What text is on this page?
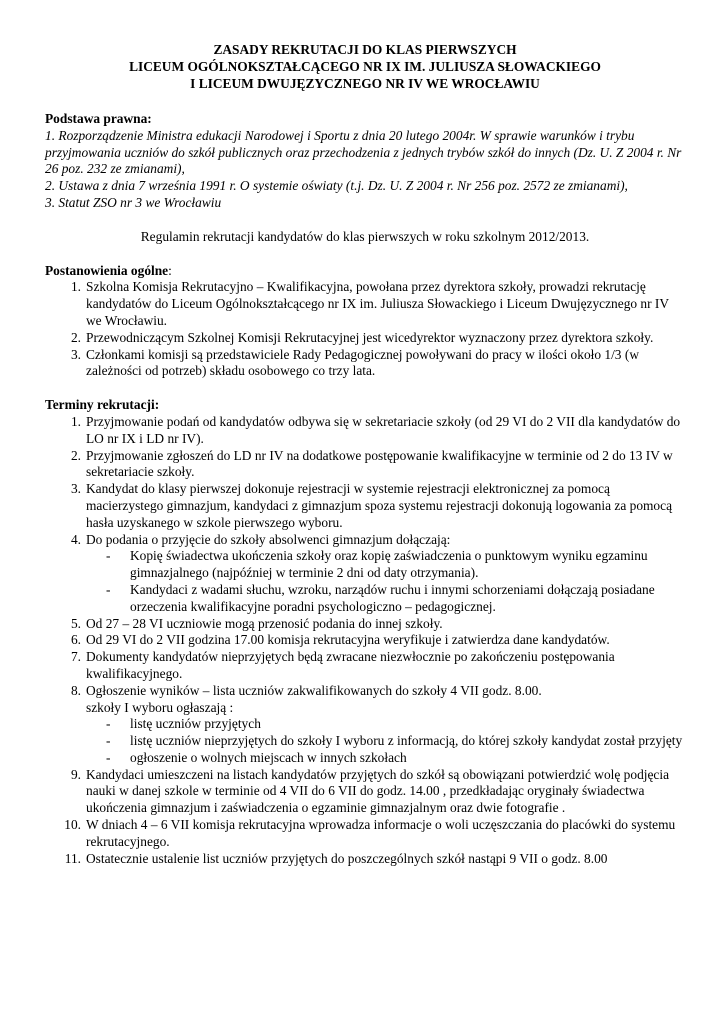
ZASADY REKRUTACJI DO KLAS PIERWSZYCH
LICEUM OGÓLNOKSZTAŁCĄCEGO NR IX IM. JULIUSZA SŁOWACKIEGO
I LICEUM DWUJĘZYCZNEGO NR IV WE WROCŁAWIU
Podstawa prawna:
1. Rozporządzenie Ministra edukacji Narodowej i Sportu z dnia 20 lutego 2004r. W sprawie warunków i trybu przyjmowania uczniów do szkół publicznych oraz przechodzenia z jednych trybów szkół do innych (Dz. U. Z 2004 r. Nr 26 poz. 232 ze zmianami),
2. Ustawa z dnia 7 września 1991 r. O systemie oświaty (t.j. Dz. U. Z 2004 r. Nr 256 poz. 2572 ze zmianami),
3. Statut ZSO nr 3 we Wrocławiu
Regulamin rekrutacji kandydatów do klas pierwszych w roku szkolnym 2012/2013.
Postanowienia ogólne:
1. Szkolna Komisja Rekrutacyjno – Kwalifikacyjna, powołana przez dyrektora szkoły, prowadzi rekrutację kandydatów do Liceum Ogólnokształcącego nr IX im. Juliusza Słowackiego i Liceum Dwujęzycznego nr IV we Wrocławiu.
2. Przewodniczącym Szkolnej Komisji Rekrutacyjnej jest wicedyrektor wyznaczony przez dyrektora szkoły.
3. Członkami komisji są przedstawiciele Rady Pedagogicznej powoływani do pracy w ilości około 1/3 (w zależności od potrzeb) składu osobowego co trzy lata.
Terminy rekrutacji:
1. Przyjmowanie podań od kandydatów odbywa się w sekretariacie szkoły (od 29 VI do 2 VII dla kandydatów do LO nr IX i LD nr IV).
2. Przyjmowanie zgłoszeń do LD nr IV na dodatkowe postępowanie kwalifikacyjne w terminie od 2 do 13 IV w sekretariacie szkoły.
3. Kandydat do klasy pierwszej dokonuje rejestracji w systemie rejestracji elektronicznej za pomocą macierzystego gimnazjum, kandydaci z gimnazjum spoza systemu rejestracji dokonują logowania za pomocą hasła uzyskanego w szkole pierwszego wyboru.
4. Do podania o przyjęcie do szkoły absolwenci gimnazjum dołączają:
- Kopię świadectwa ukończenia szkoły oraz kopię zaświadczenia o punktowym wyniku egzaminu gimnazjalnego (najpóźniej w terminie 2 dni od daty otrzymania).
- Kandydaci z wadami słuchu, wzroku, narządów ruchu i innymi schorzeniami dołączają posiadane orzeczenia kwalifikacyjne poradni psychologiczno – pedagogicznej.
5. Od 27 – 28 VI uczniowie mogą przenosić podania do innej szkoły.
6. Od 29 VI do 2 VII godzina 17.00 komisja rekrutacyjna weryfikuje i zatwierdza dane kandydatów.
7. Dokumenty kandydatów nieprzyjętych będą zwracane niezwłocznie po zakończeniu postępowania kwalifikacyjnego.
8. Ogłoszenie wyników – lista uczniów zakwalifikowanych do szkoły 4 VII godz. 8.00.
szkoły I wyboru ogłaszają :
- listę uczniów przyjętych
- listę uczniów nieprzyjętych do szkoły I wyboru z informacją, do której szkoły kandydat został przyjęty
- ogłoszenie o wolnych miejscach w innych szkołach
9. Kandydaci umieszczeni na listach kandydatów przyjętych do szkół są obowiązani potwierdzić wolę podjęcia nauki w danej szkole w terminie od 4 VII do 6 VII do godz. 14.00 , przedkładając oryginały świadectwa ukończenia gimnazjum i zaświadczenia o egzaminie gimnazjalnym oraz dwie fotografie .
10. W dniach 4 – 6 VII komisja rekrutacyjna wprowadza informacje o woli uczęszczania do placówki do systemu rekrutacyjnego.
11. Ostatecznie ustalenie list uczniów przyjętych do poszczególnych szkół nastąpi 9 VII o godz. 8.00
